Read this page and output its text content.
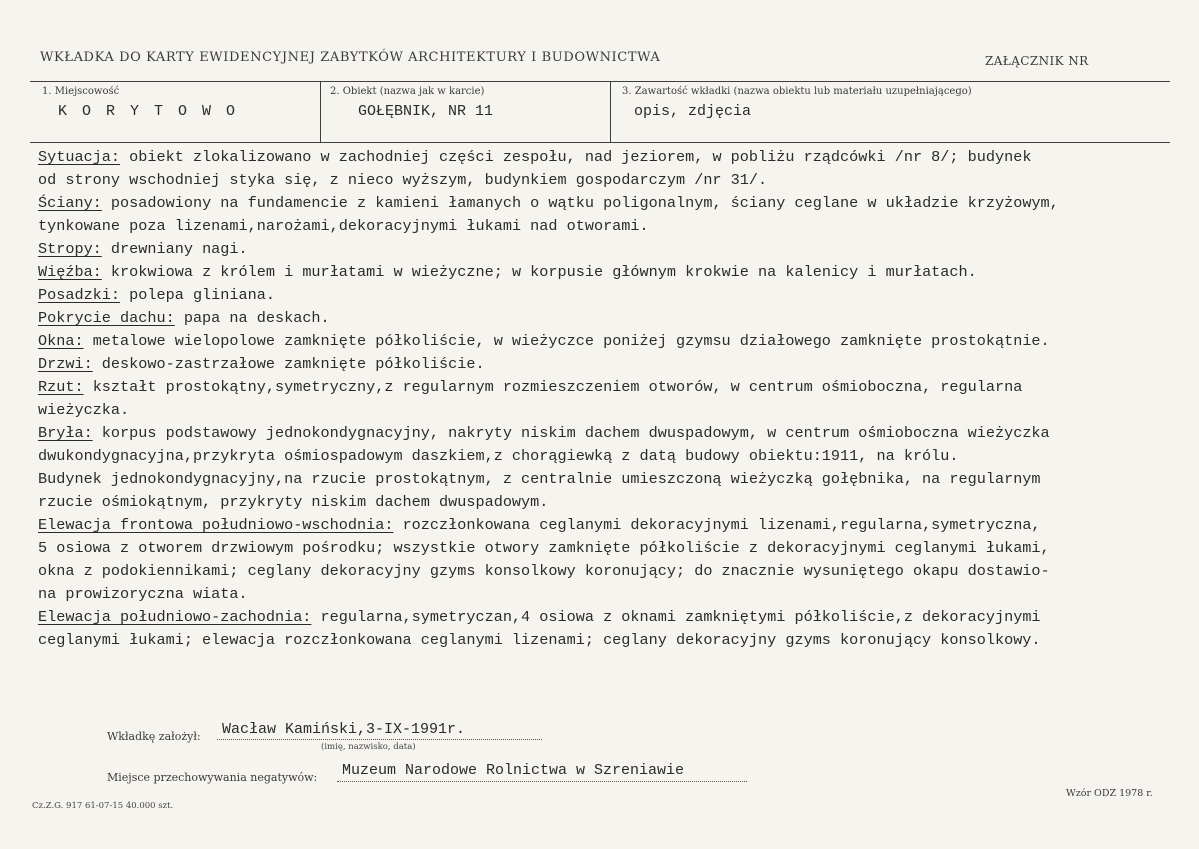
WKŁADKA DO KARTY EWIDENCYJNEJ ZABYTKÓW ARCHITEKTURY I BUDOWNICTWA	ZAŁĄCZNIK NR
1. Miejscowość
K O R Y T O W O
2. Obiekt (nazwa jak w karcie)
GOŁĘBNIK, NR 11
3. Zawartość wkładki (nazwa obiektu lub materiału uzupełniającego)
opis, zdjęcia
Sytuacja: obiekt zlokalizowano w zachodniej części zespołu, nad jeziorem, w pobliżu rządcówki /nr 8/; budynek
od strony wschodniej styka się, z nieco wyższym, budynkiem gospodarczym /nr 31/.
Ściany: posadowiony na fundamencie z kamieni łamanych o wątku poligonalnym, ściany ceglane w układzie krzyżowym,
tynkowane poza lizenami,narożami,dekoracyjnymi łukami nad otworami.
Stropy: drewniany nagi.
Więźba: krokwiowa z królem i murłatami w wieżyczne; w korpusie głównym krokwie na kalenicy i murłatach.
Posadzki: polepa gliniana.
Pokrycie dachu: papa na deskach.
Okna: metalowe wielopolowe zamknięte półkoliście, w wieżyczce poniżej gzymsu działowego zamknięte prostokątnie.
Drzwi: deskowo-zastrzałowe zamknięte półkoliście.
Rzut: kształt prostokątny,symetryczny,z regularnym rozmieszczeniem otworów, w centrum ośmioboczna, regularna
wieżyczka.
Bryła: korpus podstawowy jednokondygnacyjny, nakryty niskim dachem dwuspadowym, w centrum ośmioboczna wieżyczka
dwukondygnacyjna,przykryta ośmiospadowym daszkiem,z chorągiewką z datą budowy obiektu:1911, na królu.
Budynek jednokondygnacyjny,na rzucie prostokątnym, z centralnie umieszczoną wieżyczką gołębnika, na regularnym
rzucie ośmiokątnym, przykryty niskim dachem dwuspadowym.
Elewacja frontowa południowo-wschodnia: rozczłonkowana ceglanymi dekoracyjnymi lizenami,regularna,symetryczna,
5 osiowa z otworem drzwiowym pośrodku; wszystkie otwory zamknięte półkoliście z dekoracyjnymi ceglanymi łukami,
okna z podokiennikami; ceglany dekoracyjny gzyms konsolkowy koronujący; do znacznie wysuniętego okapu dostawio-
na prowizoryczna wiata.
Elewacja południowo-zachodnia: regularna,symetryczan,4 osiowa z oknami zamkniętymi półkoliście,z dekoracyjnymi
ceglanymi łukami; elewacja rozczłonkowana ceglanymi lizenami; ceglany dekoracyjny gzyms koronujący konsolkowy.
Wkładkę założył: Wacław Kamiński,3-IX-1991r.
(imię, nazwisko, data)
Miejsce przechowywania negatywów: Muzeum Narodowe Rolnictwa w Szreniawie
Cz.Z.G. 917 61-07-15 40.000 szt.
Wzór ODZ 1978 r.
